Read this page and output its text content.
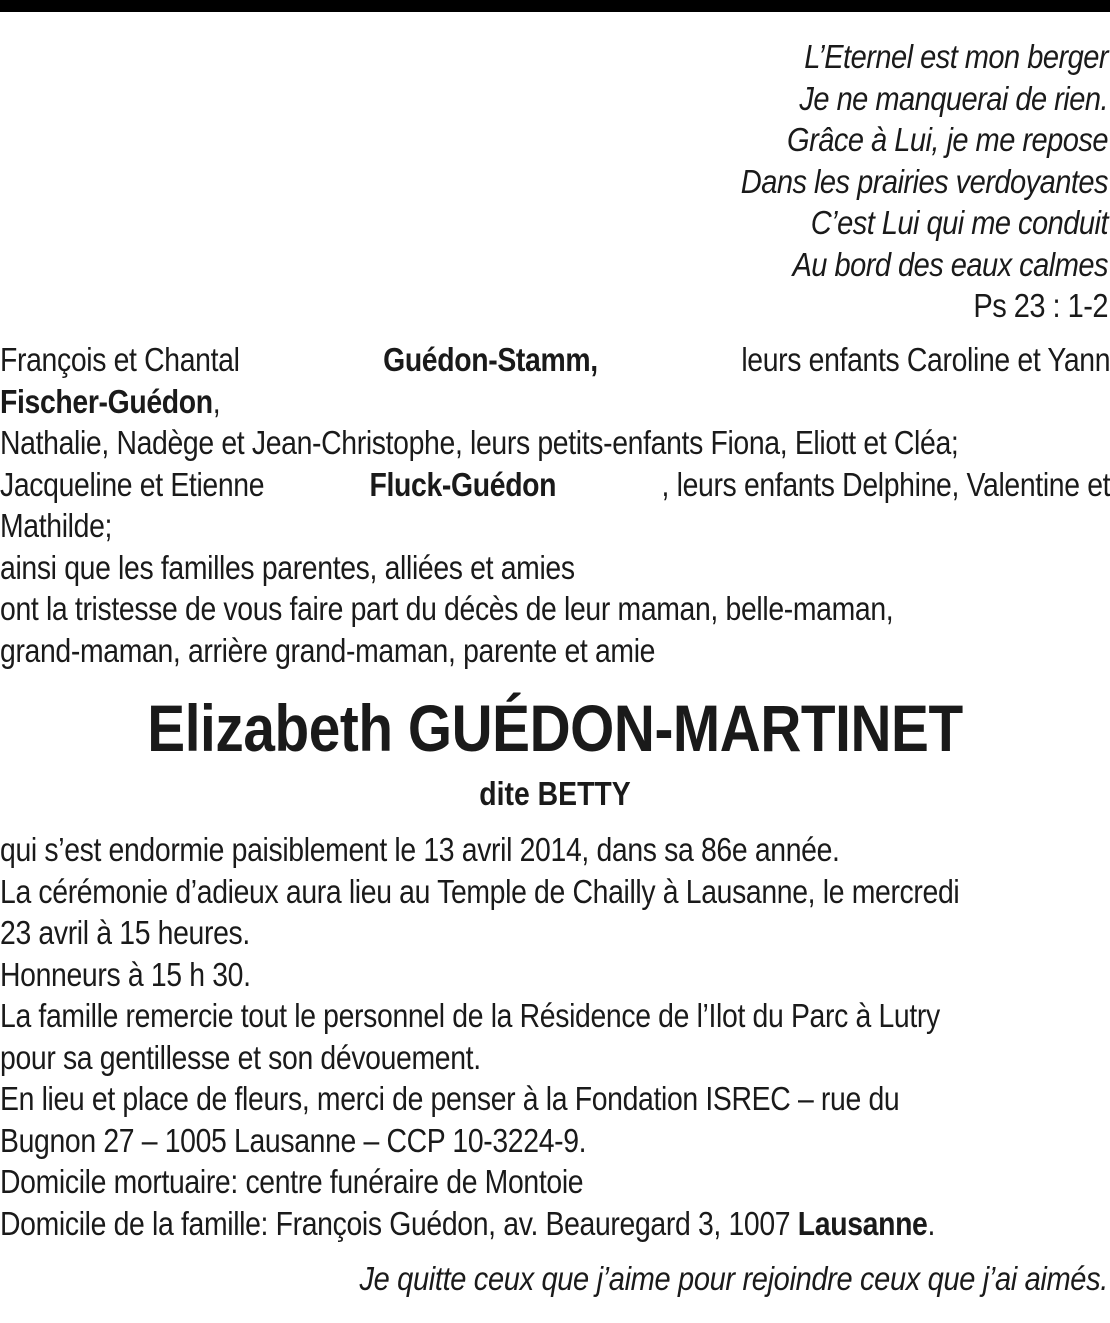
L’Eternel est mon berger
Je ne manquerai de rien.
Grâce à Lui, je me repose
Dans les prairies verdoyantes
C’est Lui qui me conduit
Au bord des eaux calmes
Ps 23 : 1-2
François et Chantal	Guédon-Stamm,	leurs enfants Caroline et Yann
Fischer-Guédon,
Nathalie, Nadège et Jean-Christophe, leurs petits-enfants Fiona, Eliott et Cléa;
Jacqueline et Etienne	Fluck-Guédon	, leurs enfants Delphine, Valentine et
Mathilde;
ainsi que les familles parentes, alliées et amies
ont la tristesse de vous faire part du décès de leur maman, belle-maman,
grand-maman, arrière grand-maman, parente et amie
Elizabeth GUÉDON-MARTINET
dite BETTY
qui s’est endormie paisiblement le 13 avril 2014, dans sa 86e année.
La cérémonie d’adieux aura lieu au Temple de Chailly à Lausanne, le mercredi
23 avril à 15 heures.
Honneurs à 15 h 30.
La famille remercie tout le personnel de la Résidence de l’Ilot du Parc à Lutry
pour sa gentillesse et son dévouement.
En lieu et place de fleurs, merci de penser à la Fondation ISREC – rue du
Bugnon 27 – 1005 Lausanne – CCP 10-3224-9.
Domicile mortuaire: centre funéraire de Montoie
Domicile de la famille: François Guédon, av. Beauregard 3, 1007 Lausanne.
Je quitte ceux que j’aime pour rejoindre ceux que j’ai aimés.
